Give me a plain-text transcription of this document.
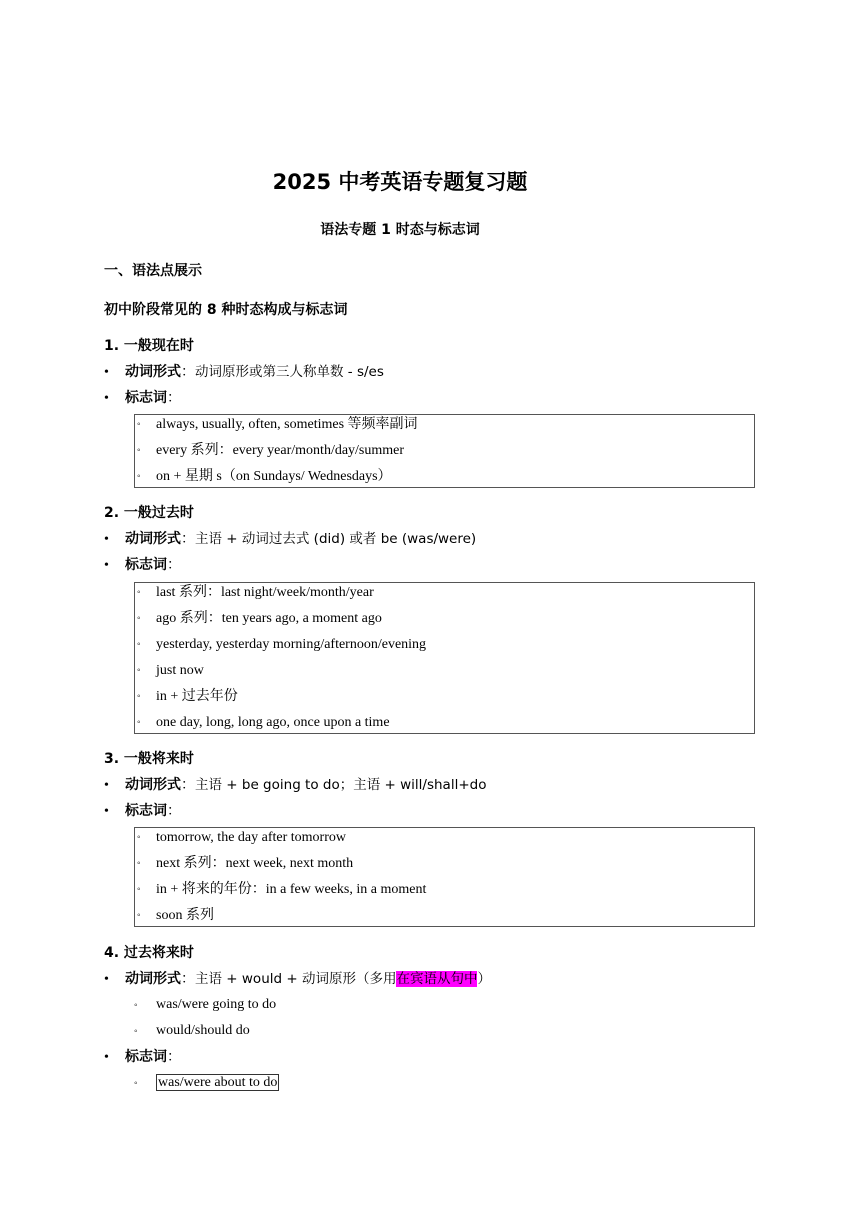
2025 中考英语专题复习题
语法专题 1 时态与标志词
一、语法点展示
初中阶段常见的 8 种时态构成与标志词
1. 一般现在时
• 动词形式：动词原形或第三人称单数 - s/es
• 标志词：
◦ always, usually, often, sometimes 等频率副词
◦ every 系列：every year/month/day/summer
◦ on + 星期 s（on Sundays/ Wednesdays）
2. 一般过去时
• 动词形式：主语 + 动词过去式 (did) 或者 be (was/were)
• 标志词：
◦ last 系列：last night/week/month/year
◦ ago 系列：ten years ago, a moment ago
◦ yesterday, yesterday morning/afternoon/evening
◦ just now
◦ in + 过去年份
◦ one day, long, long ago, once upon a time
3. 一般将来时
• 动词形式：主语 + be going to do；主语 + will/shall+do
• 标志词：
◦ tomorrow, the day after tomorrow
◦ next 系列：next week, next month
◦ in + 将来的年份：in a few weeks, in a moment
◦ soon 系列
4. 过去将来时
• 动词形式：主语 + would + 动词原形（多用在宾语从句中）
◦ was/were going to do
◦ would/should do
• 标志词：
◦ was/were about to do
